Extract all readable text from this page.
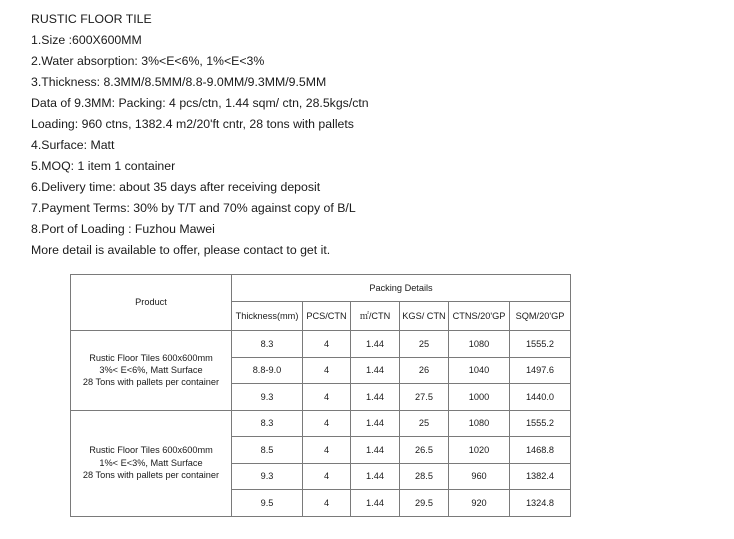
RUSTIC FLOOR TILE
1.Size :600X600MM
2.Water absorption: 3%<E<6%, 1%<E<3%
3.Thickness: 8.3MM/8.5MM/8.8-9.0MM/9.3MM/9.5MM
Data of 9.3MM: Packing: 4 pcs/ctn, 1.44 sqm/ ctn, 28.5kgs/ctn
Loading: 960 ctns, 1382.4 m2/20'ft cntr, 28 tons with pallets
4.Surface: Matt
5.MOQ: 1 item 1 container
6.Delivery time: about 35 days after receiving deposit
7.Payment Terms: 30% by T/T and 70% against copy of B/L
8.Port of Loading : Fuzhou Mawei
More detail is available to offer, please contact to get it.
Product	Packing Details					
	Thickness(mm)	PCS/CTN	㎡/CTN	KGS/ CTN	CTNS/20'GP	SQM/20'GP

Rustic Floor Tiles 600x600mm
3%< E<6%, Matt Surface
28 Tons with pallets per container	8.3	4	1.44	25	1080	1555.2
	8.8-9.0	4	1.44	26	1040	1497.6
	9.3	4	1.44	27.5	1000	1440.0

Rustic Floor Tiles 600x600mm
1%< E<3%, Matt Surface
28 Tons with pallets per container	8.3	4	1.44	25	1080	1555.2
	8.5	4	1.44	26.5	1020	1468.8
	9.3	4	1.44	28.5	960	1382.4
	9.5	4	1.44	29.5	920	1324.8
